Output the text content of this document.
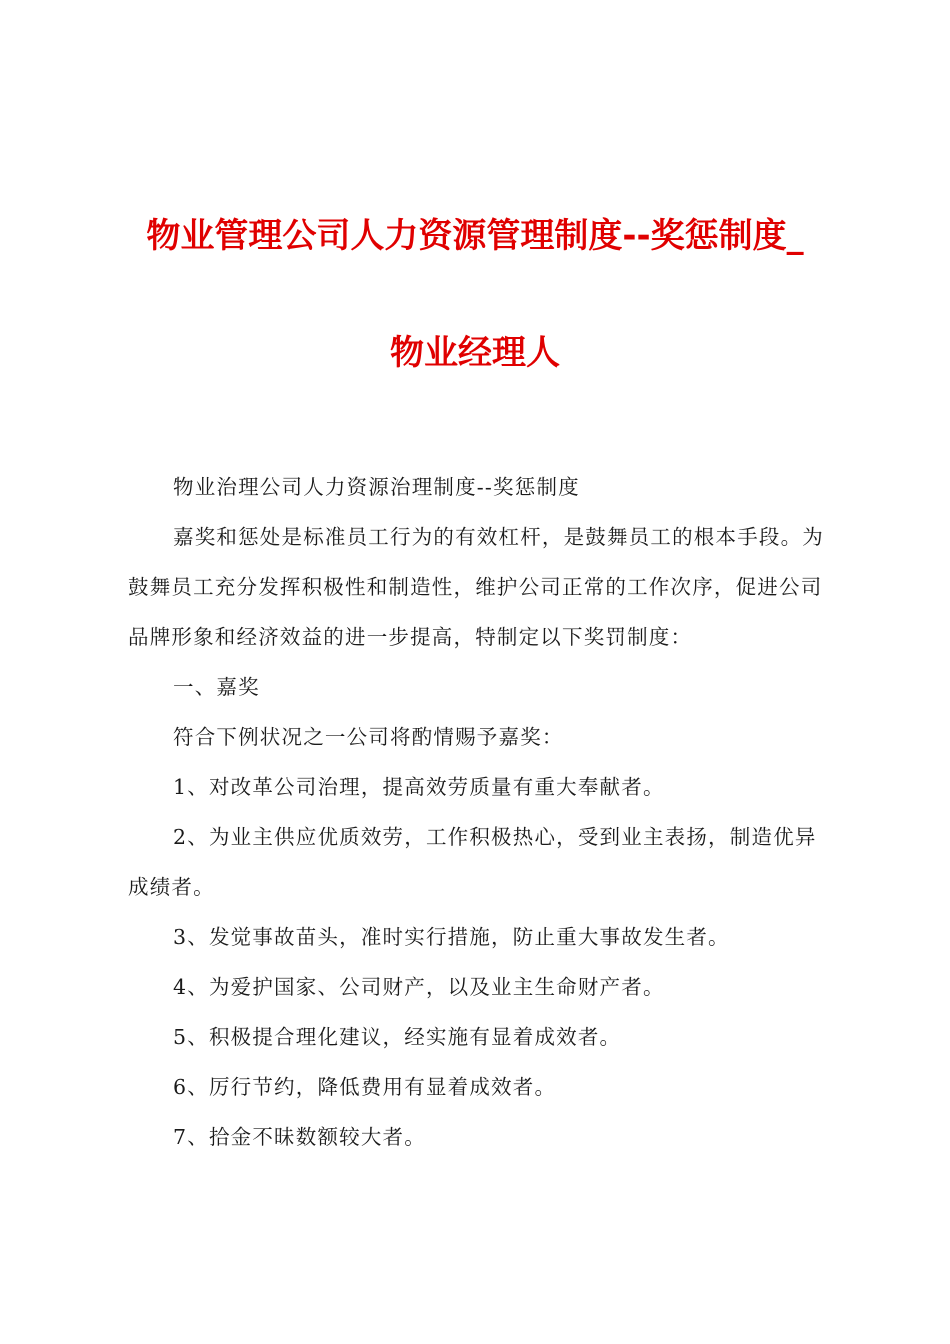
物业管理公司人力资源管理制度--奖惩制度_
物业经理人

物业治理公司人力资源治理制度--奖惩制度

嘉奖和惩处是标准员工行为的有效杠杆，是鼓舞员工的根本手段。为鼓舞员工充分发挥积极性和制造性，维护公司正常的工作次序，促进公司品牌形象和经济效益的进一步提高，特制定以下奖罚制度：

一、嘉奖

符合下例状况之一公司将酌情赐予嘉奖：

1、对改革公司治理，提高效劳质量有重大奉献者。

2、为业主供应优质效劳，工作积极热心，受到业主表扬，制造优异成绩者。

3、发觉事故苗头，准时实行措施，防止重大事故发生者。

4、为爱护国家、公司财产，以及业主生命财产者。

5、积极提合理化建议，经实施有显着成效者。

6、厉行节约，降低费用有显着成效者。

7、拾金不昧数额较大者。
